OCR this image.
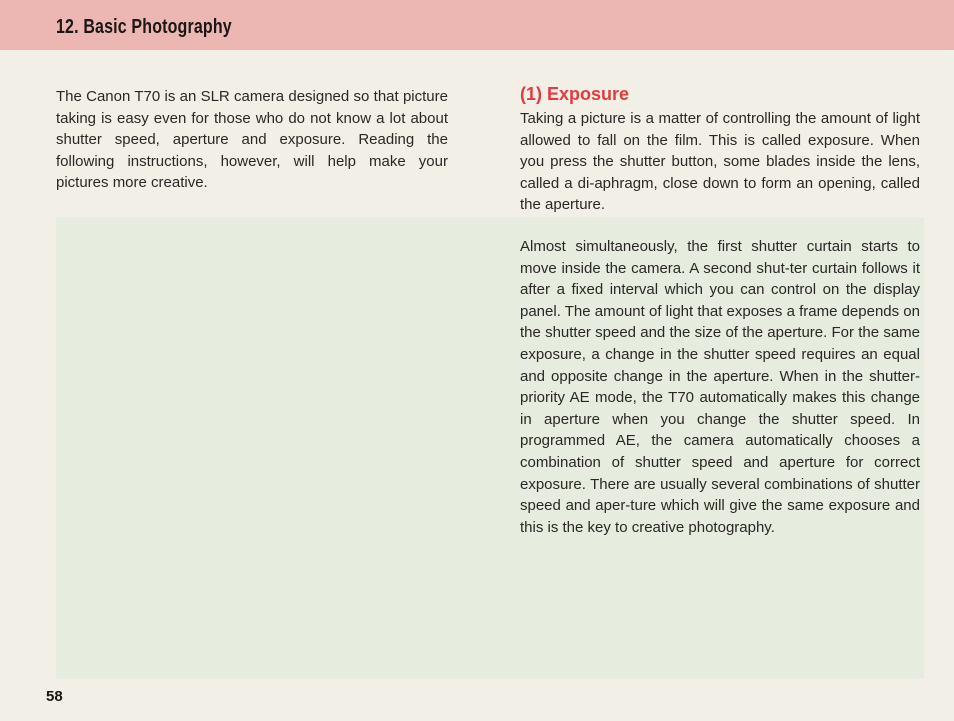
12. Basic Photography

The Canon T70 is an SLR camera designed so that picture taking is easy even for those who do not know a lot about shutter speed, aperture and exposure. Reading the following instructions, however, will help make your pictures more creative.

(1) Exposure

Taking a picture is a matter of controlling the amount of light allowed to fall on the film. This is called exposure. When you press the shutter button, some blades inside the lens, called a di-aphragm, close down to form an opening, called the aperture.

Almost simultaneously, the first shutter curtain starts to move inside the camera. A second shut-ter curtain follows it after a fixed interval which you can control on the display panel. The amount of light that exposes a frame depends on the shutter speed and the size of the aperture. For the same exposure, a change in the shutter speed requires an equal and opposite change in the aperture. When in the shutter-priority AE mode, the T70 automatically makes this change in aperture when you change the shutter speed. In programmed AE, the camera automatically chooses a combination of shutter speed and aperture for correct exposure. There are usually several combinations of shutter speed and aper-ture which will give the same exposure and this is the key to creative photography.

58
